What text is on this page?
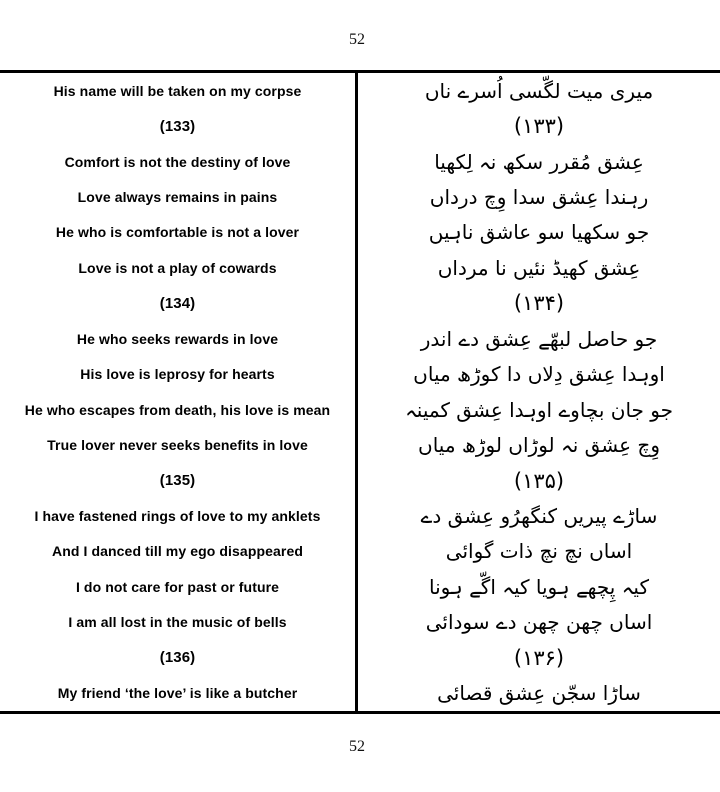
52
His name will be taken on my corpse	میری میت لگّسی اُسرے ناں
(133)	(۱۳۳)
Comfort is not the destiny of love	عِشق مُقرر سکھ نہ لِکھیا
Love always remains in pains	رہندا عِشق سدا وِچ درداں
He who is comfortable is not a lover	جو سکھیا سو عاشق ناہیں
Love is not a play of cowards	عِشق کھیڈ نئیں نا مرداں
(134)	(۱۳۴)
He who seeks rewards in love	جو حاصل لبھّے عِشق دے اندر
His love is leprosy for hearts	اوہدا عِشق دِلاں دا کوڑھ میاں
He who escapes from death, his love is mean	جو جان بچاوے اوہدا عِشق کمینہ
True lover never seeks benefits in love	وِچ عِشق نہ لوڑاں لوڑھ میاں
(135)	(۱۳۵)
I have fastened rings of love to my anklets	ساڑے پیریں کنگھرُو عِشق دے
And I danced till my ego disappeared	اساں نچ نچ ذات گوائی
I do not care for past or future	کیہ پِچھے ہویا کیہ اگّے ہونا
I am all lost in the music of bells	اساں چھن چھن دے سودائی
(136)	(۱۳۶)
My friend ‘the love’ is like a butcher	ساڑا سجّن عِشق قصائی
52
